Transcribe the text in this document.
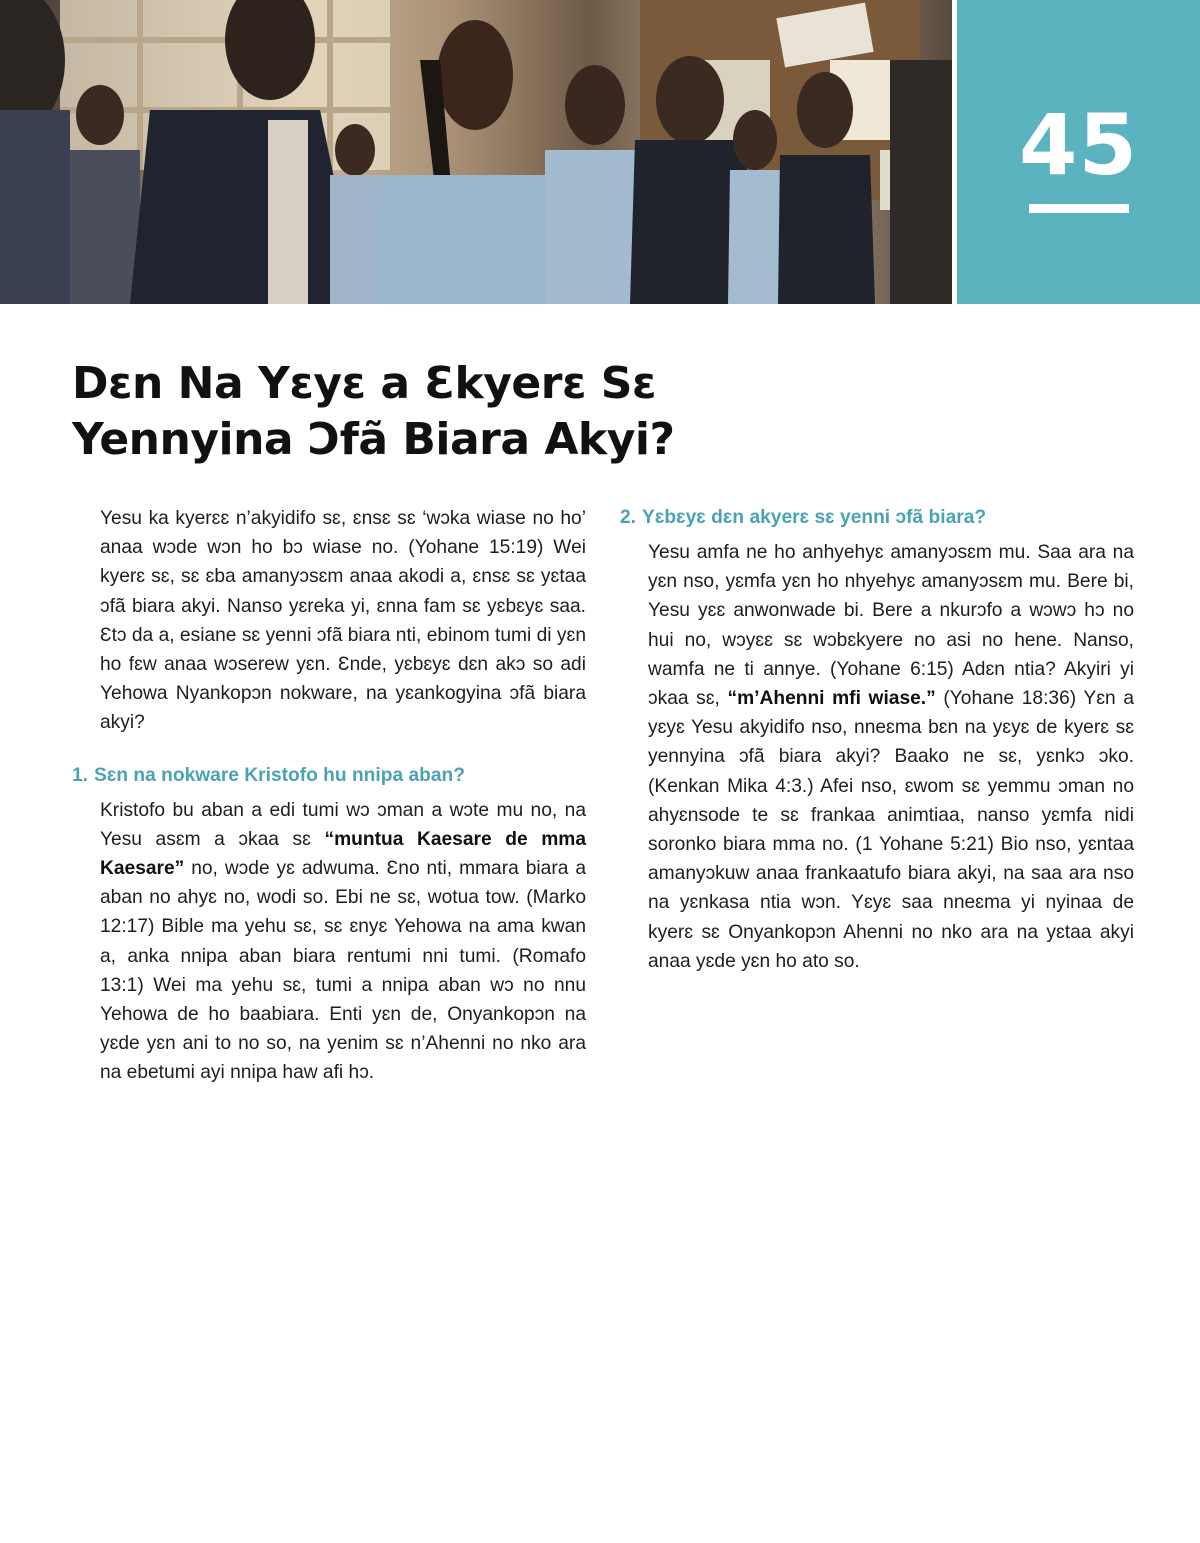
45
Dɛn Na Yɛyɛ a Ɛkyerɛ Sɛ
Yennyina Ɔfã Biara Akyi?

Yesu ka kyerɛɛ n’akyidifo sɛ, ɛnsɛ sɛ ‘wɔka wiase no ho’ anaa wɔde wɔn ho bɔ wiase no. (Yohane 15:19) Wei kyerɛ sɛ, sɛ ɛba amanyɔsɛm anaa akodi a, ɛnsɛ sɛ yɛtaa ɔfã biara akyi. Nanso yɛreka yi, ɛnna fam sɛ yɛbɛyɛ saa. Ɛtɔ da a, esiane sɛ yenni ɔfã biara nti, ebinom tumi di yɛn ho fɛw anaa wɔserew yɛn. Ɛnde, yɛbɛyɛ dɛn akɔ so adi Yehowa Nyankopɔn nokware, na yɛankogyina ɔfã biara akyi?

1. Sɛn na nokware Kristofo hu nnipa aban?

Kristofo bu aban a edi tumi wɔ ɔman a wɔte mu no, na Yesu asɛm a ɔkaa sɛ “muntua Kaesare de mma Kaesare” no, wɔde yɛ adwuma. Ɛno nti, mmara biara a aban no ahyɛ no, wodi so. Ebi ne sɛ, wotua tow. (Marko 12:17) Bible ma yehu sɛ, sɛ ɛnyɛ Yehowa na ama kwan a, anka nnipa aban biara rentumi nni tumi. (Romafo 13:1) Wei ma yehu sɛ, tumi a nnipa aban wɔ no nnu Yehowa de ho baabiara. Enti yɛn de, Onyankopɔn na yɛde yɛn ani to no so, na yenim sɛ n’Ahenni no nko ara na ebetumi ayi nnipa haw afi hɔ.

2. Yɛbɛyɛ dɛn akyerɛ sɛ yenni ɔfã biara?

Yesu amfa ne ho anhyehyɛ amanyɔsɛm mu. Saa ara na yɛn nso, yɛmfa yɛn ho nhyehyɛ amanyɔsɛm mu. Bere bi, Yesu yɛɛ anwonwade bi. Bere a nkurɔfo a wɔwɔ hɔ no hui no, wɔyɛɛ sɛ wɔbɛkyere no asi no hene. Nanso, wamfa ne ti annye. (Yohane 6:15) Adɛn ntia? Akyiri yi ɔkaa sɛ, “m’Ahenni mfi wiase.” (Yohane 18:36) Yɛn a yɛyɛ Yesu akyidifo nso, nneɛma bɛn na yɛyɛ de kyerɛ sɛ yennyina ɔfã biara akyi? Baako ne sɛ, yɛnkɔ ɔko. (Kenkan Mika 4:3.) Afei nso, ɛwom sɛ yemmu ɔman no ahyɛnsode te sɛ frankaa animtiaa, nanso yɛmfa nidi soronko biara mma no. (1 Yohane 5:21) Bio nso, yɛntaa amanyɔkuw anaa frankaatufo biara akyi, na saa ara nso na yɛnkasa ntia wɔn. Yɛyɛ saa nneɛma yi nyinaa de kyerɛ sɛ Onyankopɔn Ahenni no nko ara na yɛtaa akyi anaa yɛde yɛn ho ato so.
